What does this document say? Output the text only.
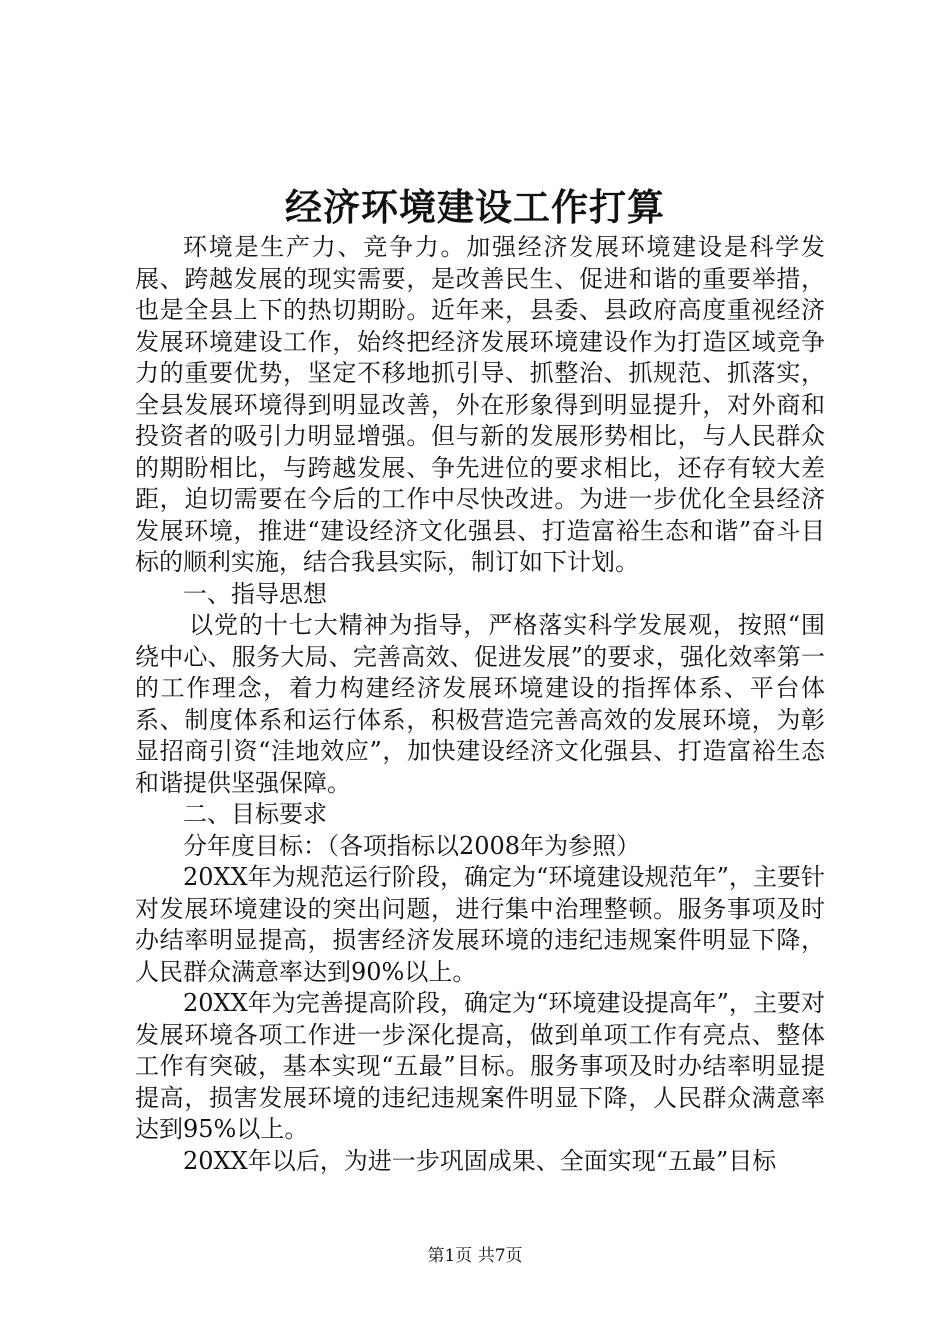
经济环境建设工作打算

环境是生产力、竞争力。加强经济发展环境建设是科学发展、跨越发展的现实需要，是改善民生、促进和谐的重要举措，也是全县上下的热切期盼。近年来，县委、县政府高度重视经济发展环境建设工作，始终把经济发展环境建设作为打造区域竞争力的重要优势，坚定不移地抓引导、抓整治、抓规范、抓落实，全县发展环境得到明显改善，外在形象得到明显提升，对外商和投资者的吸引力明显增强。但与新的发展形势相比，与人民群众的期盼相比，与跨越发展、争先进位的要求相比，还存有较大差距，迫切需要在今后的工作中尽快改进。为进一步优化全县经济发展环境，推进“建设经济文化强县、打造富裕生态和谐”奋斗目标的顺利实施，结合我县实际，制订如下计划。

一、指导思想

以党的十七大精神为指导，严格落实科学发展观，按照“围绕中心、服务大局、完善高效、促进发展”的要求，强化效率第一的工作理念，着力构建经济发展环境建设的指挥体系、平台体系、制度体系和运行体系，积极营造完善高效的发展环境，为彰显招商引资“洼地效应”，加快建设经济文化强县、打造富裕生态和谐提供坚强保障。

二、目标要求

分年度目标：（各项指标以2008年为参照）

20XX年为规范运行阶段，确定为“环境建设规范年”，主要针对发展环境建设的突出问题，进行集中治理整顿。服务事项及时办结率明显提高，损害经济发展环境的违纪违规案件明显下降，人民群众满意率达到90%以上。

20XX年为完善提高阶段，确定为“环境建设提高年”，主要对发展环境各项工作进一步深化提高，做到单项工作有亮点、整体工作有突破，基本实现“五最”目标。服务事项及时办结率明显提提高，损害发展环境的违纪违规案件明显下降，人民群众满意率达到95%以上。

20XX年以后，为进一步巩固成果、全面实现“五最”目标

第1页 共7页
